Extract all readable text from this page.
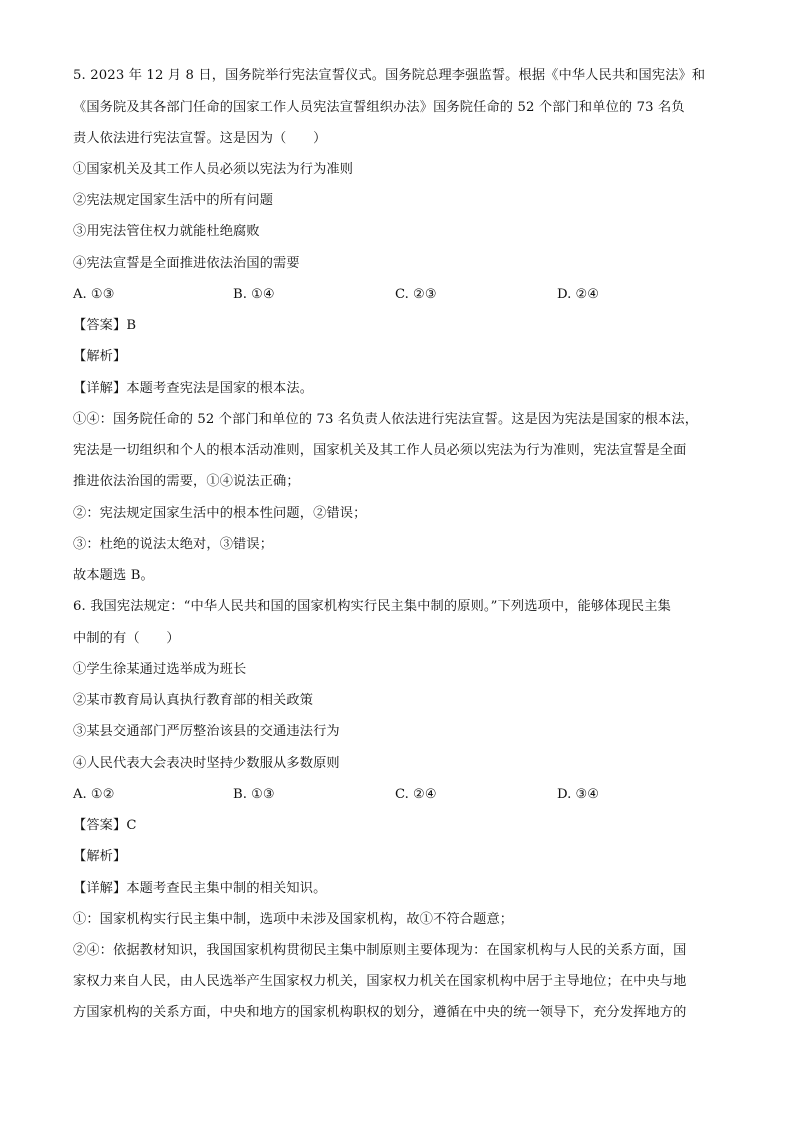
5. 2023 年 12 月 8 日，国务院举行宪法宣誓仪式。国务院总理李强监誓。根据《中华人民共和国宪法》和
《国务院及其各部门任命的国家工作人员宪法宣誓组织办法》国务院任命的 52 个部门和单位的 73 名负
责人依法进行宪法宣誓。这是因为（　　）
①国家机关及其工作人员必须以宪法为行为准则
②宪法规定国家生活中的所有问题
③用宪法管住权力就能杜绝腐败
④宪法宣誓是全面推进依法治国的需要
A. ①③	B. ①④	C. ②③	D. ②④
【答案】B
【解析】
【详解】本题考查宪法是国家的根本法。
①④：国务院任命的 52 个部门和单位的 73 名负责人依法进行宪法宣誓。这是因为宪法是国家的根本法，
宪法是一切组织和个人的根本活动准则，国家机关及其工作人员必须以宪法为行为准则，宪法宣誓是全面
推进依法治国的需要，①④说法正确；
②：宪法规定国家生活中的根本性问题，②错误；
③：杜绝的说法太绝对，③错误；
故本题选 B。
6. 我国宪法规定：“中华人民共和国的国家机构实行民主集中制的原则。”下列选项中，能够体现民主集
中制的有（　　）
①学生徐某通过选举成为班长
②某市教育局认真执行教育部的相关政策
③某县交通部门严厉整治该县的交通违法行为
④人民代表大会表决时坚持少数服从多数原则
A. ①②	B. ①③	C. ②④	D. ③④
【答案】C
【解析】
【详解】本题考查民主集中制的相关知识。
①：国家机构实行民主集中制，选项中未涉及国家机构，故①不符合题意；
②④：依据教材知识，我国国家机构贯彻民主集中制原则主要体现为：在国家机构与人民的关系方面，国
家权力来自人民，由人民选举产生国家权力机关，国家权力机关在国家机构中居于主导地位；在中央与地
方国家机构的关系方面，中央和地方的国家机构职权的划分，遵循在中央的统一领导下，充分发挥地方的
